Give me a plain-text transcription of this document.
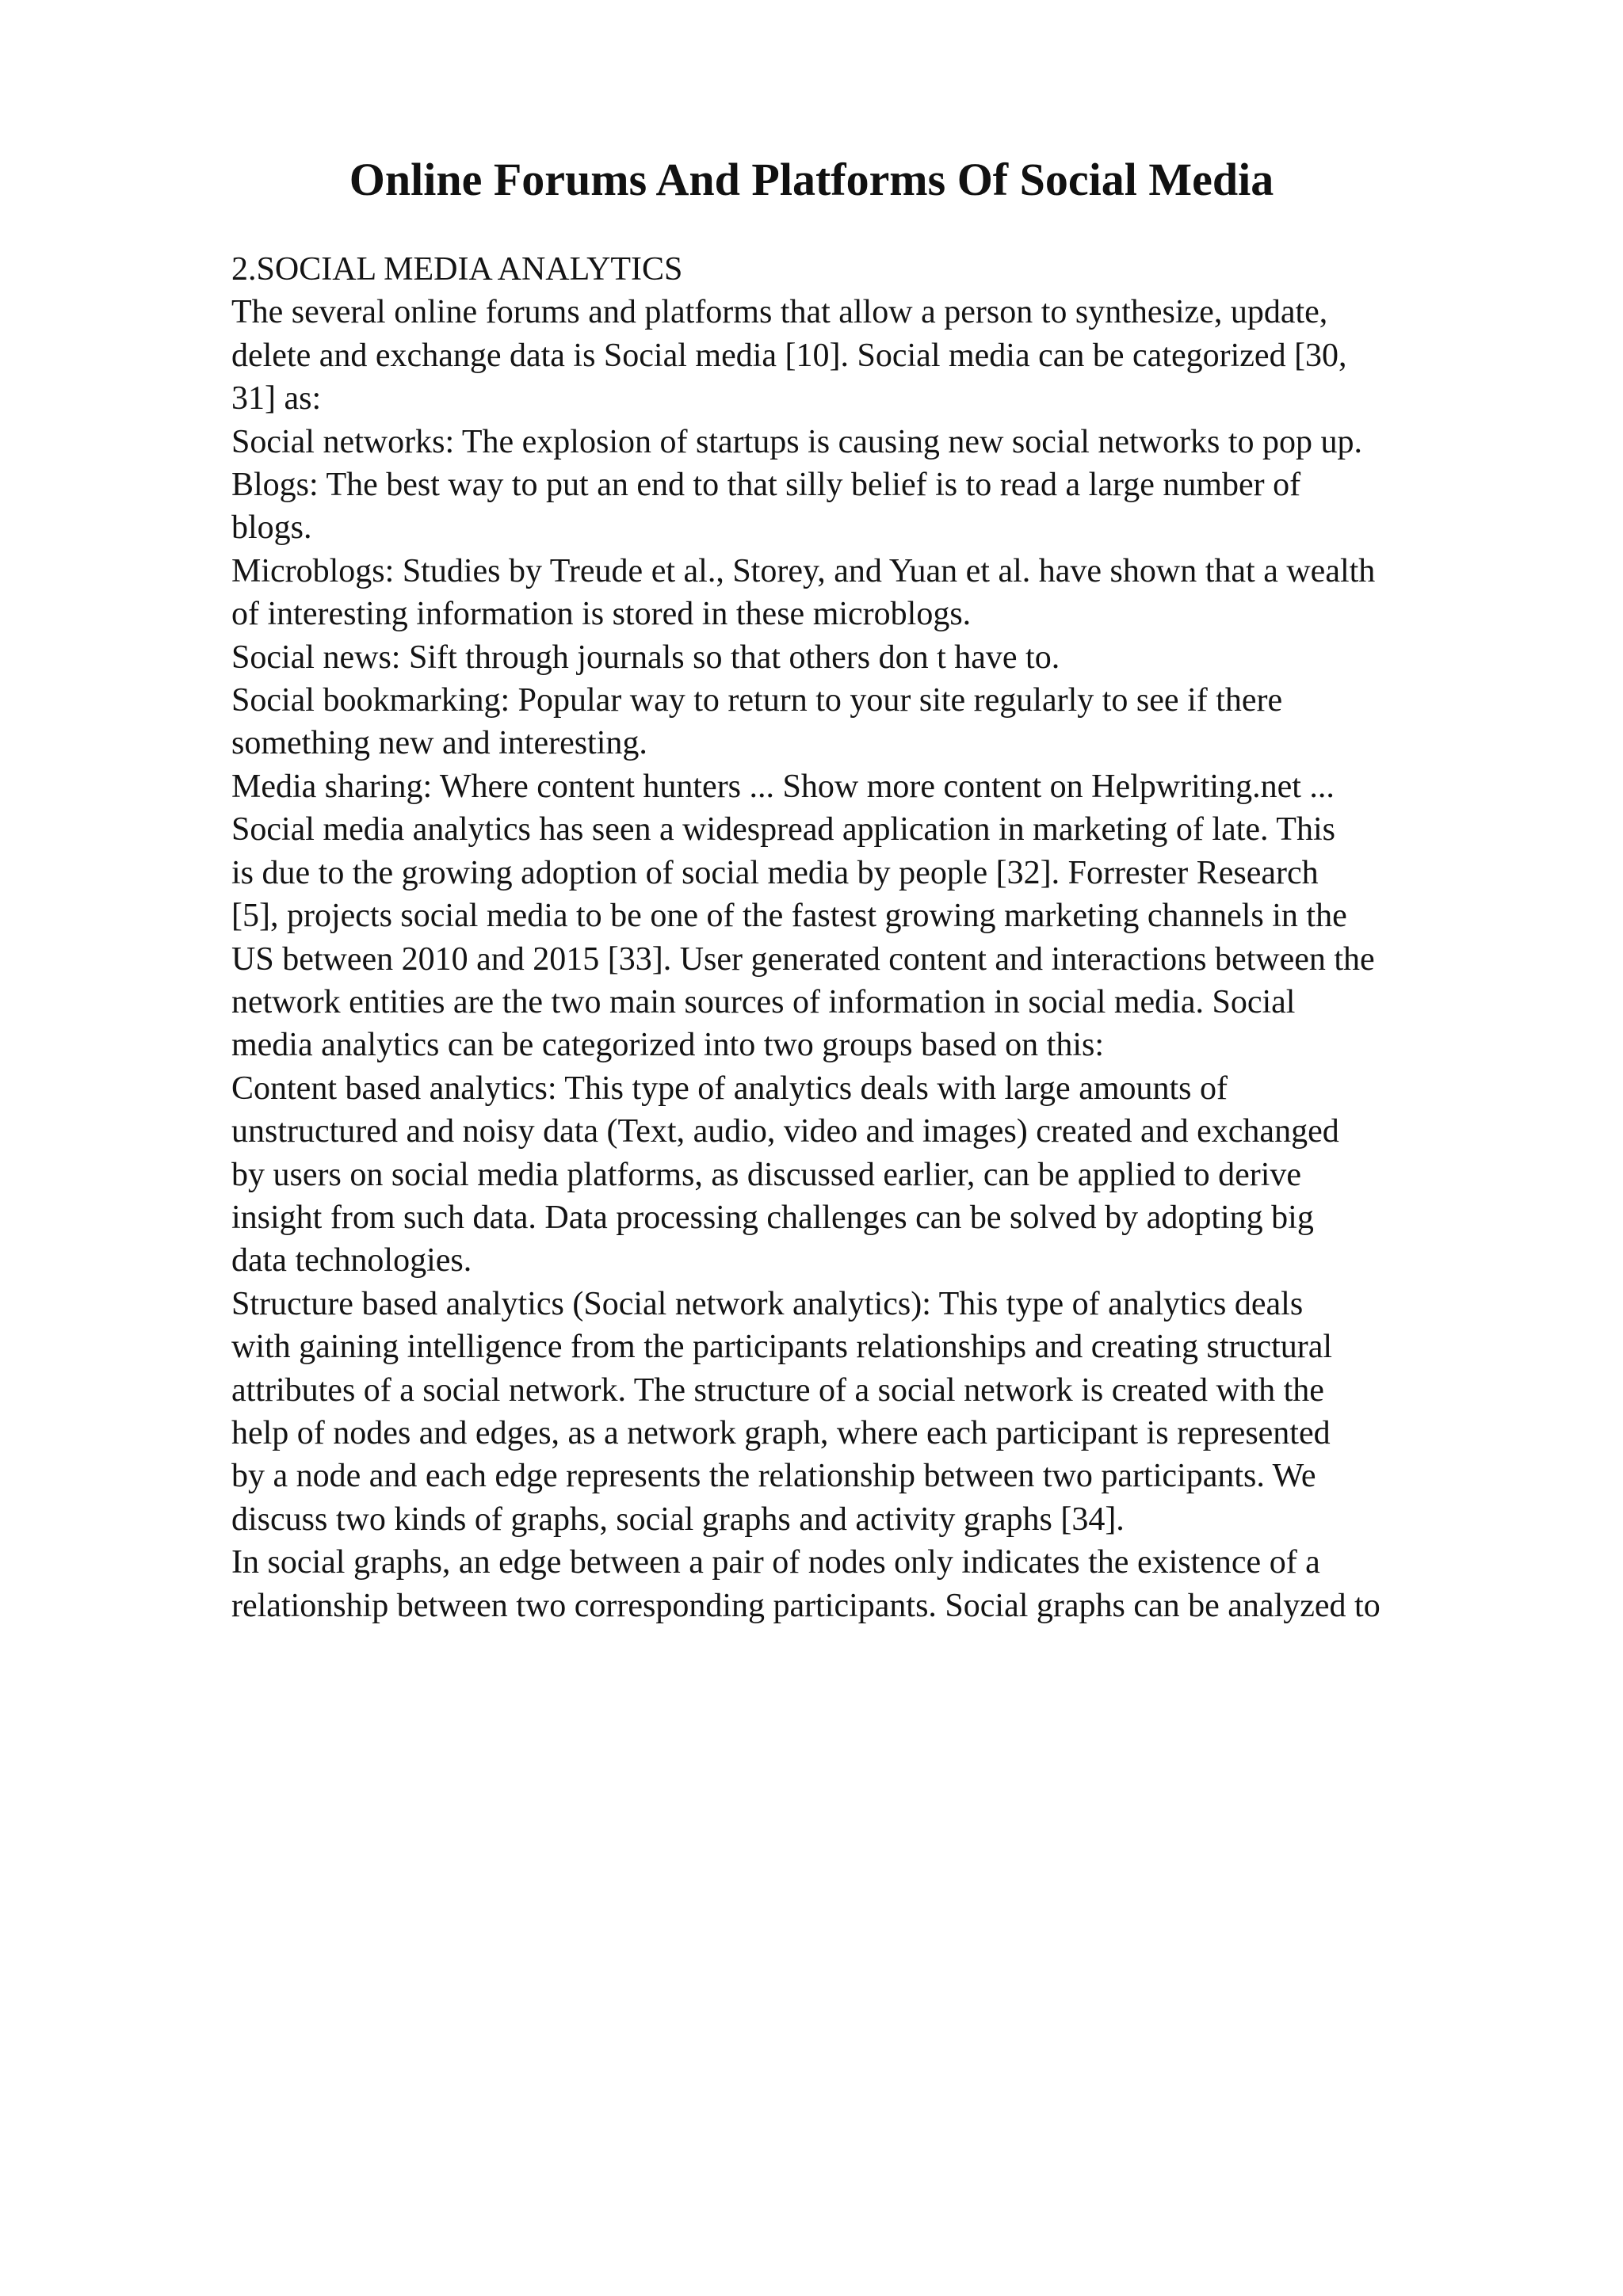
Online Forums And Platforms Of Social Media
2.SOCIAL MEDIA ANALYTICS
The several online forums and platforms that allow a person to synthesize, update,
delete and exchange data is Social media [10]. Social media can be categorized [30,
31] as:
Social networks: The explosion of startups is causing new social networks to pop up.
Blogs: The best way to put an end to that silly belief is to read a large number of
blogs.
Microblogs: Studies by Treude et al., Storey, and Yuan et al. have shown that a wealth
of interesting information is stored in these microblogs.
Social news: Sift through journals so that others don t have to.
Social bookmarking: Popular way to return to your site regularly to see if there
something new and interesting.
Media sharing: Where content hunters ... Show more content on Helpwriting.net ...
Social media analytics has seen a widespread application in marketing of late. This
is due to the growing adoption of social media by people [32]. Forrester Research
[5], projects social media to be one of the fastest growing marketing channels in the
US between 2010 and 2015 [33]. User generated content and interactions between the
network entities are the two main sources of information in social media. Social
media analytics can be categorized into two groups based on this:
Content based analytics: This type of analytics deals with large amounts of
unstructured and noisy data (Text, audio, video and images) created and exchanged
by users on social media platforms, as discussed earlier, can be applied to derive
insight from such data. Data processing challenges can be solved by adopting big
data technologies.
Structure based analytics (Social network analytics): This type of analytics deals
with gaining intelligence from the participants relationships and creating structural
attributes of a social network. The structure of a social network is created with the
help of nodes and edges, as a network graph, where each participant is represented
by a node and each edge represents the relationship between two participants. We
discuss two kinds of graphs, social graphs and activity graphs [34].
In social graphs, an edge between a pair of nodes only indicates the existence of a
relationship between two corresponding participants. Social graphs can be analyzed to
